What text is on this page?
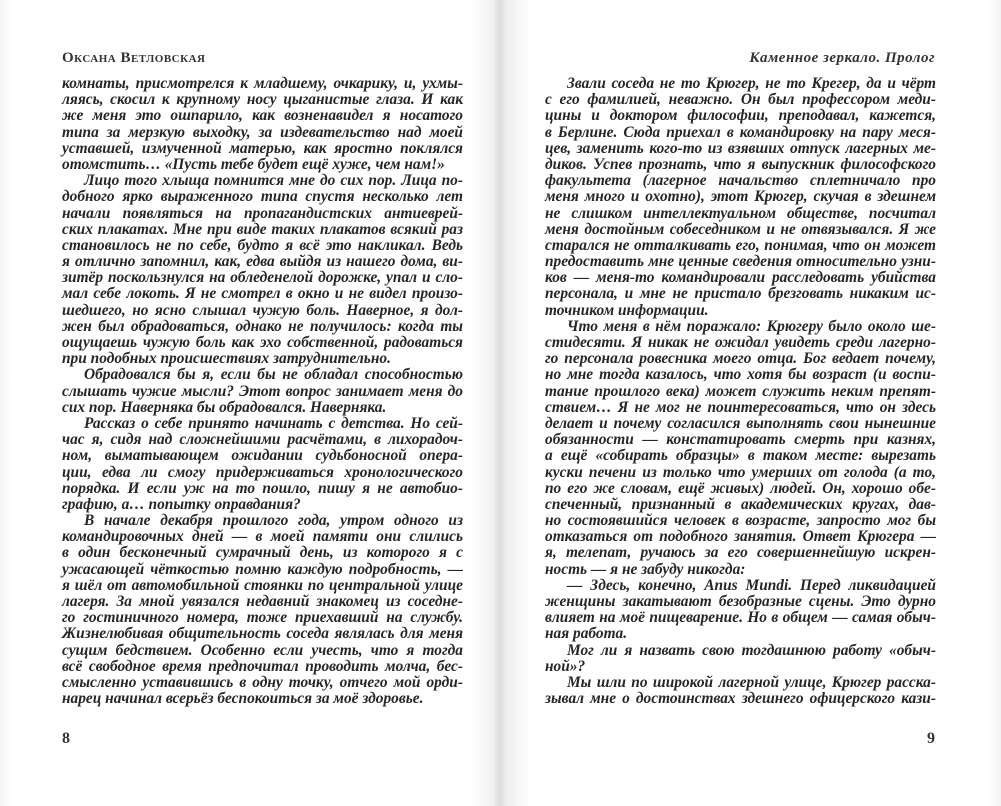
Оксана Ветловская
комнаты, присмотрелся к младшему, очкарику, и, ухмы-
ляясь, скосил к крупному носу цыганистые глаза. И как
же меня это ошпарило, как возненавидел я носатого
типа за мерзкую выходку, за издевательство над моей
уставшей, измученной матерью, как яростно поклялся
отомстить… «Пусть тебе будет ещё хуже, чем нам!»
Лицо того хлыща помнится мне до сих пор. Лица по-
добного ярко выраженного типа спустя несколько лет
начали появляться на пропагандистских антиеврей-
ских плакатах. Мне при виде таких плакатов всякий раз
становилось не по себе, будто я всё это накликал. Ведь
я отлично запомнил, как, едва выйдя из нашего дома, ви-
зитёр поскользнулся на обледенелой дорожке, упал и сло-
мал себе локоть. Я не смотрел в окно и не видел произо-
шедшего, но ясно слышал чужую боль. Наверное, я дол-
жен был обрадоваться, однако не получилось: когда ты
ощущаешь чужую боль как эхо собственной, радоваться
при подобных происшествиях затруднительно.
Обрадовался бы я, если бы не обладал способностью
слышать чужие мысли? Этот вопрос занимает меня до
сих пор. Наверняка бы обрадовался. Наверняка.
Рассказ о себе принято начинать с детства. Но сей-
час я, сидя над сложнейшими расчётами, в лихорадоч-
ном, выматывающем ожидании судьбоносной опера-
ции, едва ли смогу придерживаться хронологического
порядка. И если уж на то пошло, пишу я не автобио-
графию, а… попытку оправдания?
В начале декабря прошлого года, утром одного из
командировочных дней — в моей памяти они слились
в один бесконечный сумрачный день, из которого я с
ужасающей чёткостью помню каждую подробность, —
я шёл от автомобильной стоянки по центральной улице
лагеря. За мной увязался недавний знакомец из соседне-
го гостиничного номера, тоже приехавший на службу.
Жизнелюбивая общительность соседа являлась для меня
сущим бедствием. Особенно если учесть, что я тогда
всё свободное время предпочитал проводить молча, бес-
смысленно уставившись в одну точку, отчего мой орди-
нарец начинал всерьёз беспокоиться за моё здоровье.
8
Каменное зеркало. Пролог
Звали соседа не то Крюгер, не то Крегер, да и чёрт
с его фамилией, неважно. Он был профессором меди-
цины и доктором философии, преподавал, кажется,
в Берлине. Сюда приехал в командировку на пару меся-
цев, заменить кого-то из взявших отпуск лагерных ме-
диков. Успев прознать, что я выпускник философского
факультета (лагерное начальство сплетничало про
меня много и охотно), этот Крюгер, скучая в здешнем
не слишком интеллектуальном обществе, посчитал
меня достойным собеседником и не отвязывался. Я же
старался не отталкивать его, понимая, что он может
предоставить мне ценные сведения относительно узни-
ков — меня-то командировали расследовать убийства
персонала, и мне не пристало брезговать никаким ис-
точником информации.
Что меня в нём поражало: Крюгеру было около ше-
стидесяти. Я никак не ожидал увидеть среди лагерно-
го персонала ровесника моего отца. Бог ведает почему,
но мне тогда казалось, что хотя бы возраст (и воспи-
тание прошлого века) может служить неким препят-
ствием… Я не мог не поинтересоваться, что он здесь
делает и почему согласился выполнять свои нынешние
обязанности — констатировать смерть при казнях,
а ещё «собирать образцы» в таком месте: вырезать
куски печени из только что умерших от голода (а то,
по его же словам, ещё живых) людей. Он, хорошо обе-
спеченный, признанный в академических кругах, дав-
но состоявшийся человек в возрасте, запросто мог бы
отказаться от подобного занятия. Ответ Крюгера —
я, телепат, ручаюсь за его совершеннейшую искрен-
ность — я не забуду никогда:
— Здесь, конечно, Anus Mundi. Перед ликвидацией
женщины закатывают безобразные сцены. Это дурно
влияет на моё пищеварение. Но в общем — самая обыч-
ная работа.
Мог ли я назвать свою тогдашнюю работу «обыч-
ной»?
Мы шли по широкой лагерной улице, Крюгер расска-
зывал мне о достоинствах здешнего офицерского кази-
9
